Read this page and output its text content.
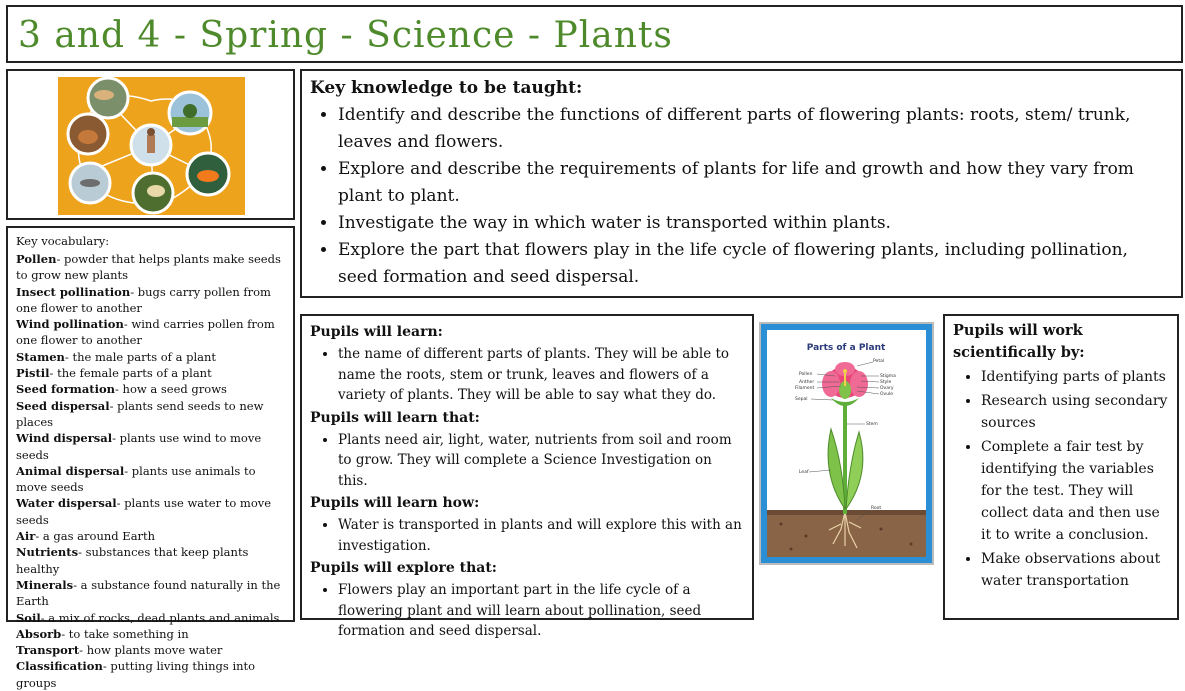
3 and 4 - Spring - Science - Plants
Key vocabulary:
Pollen- powder that helps plants make seeds to grow new plants
Insect pollination- bugs carry pollen from one flower to another
Wind pollination- wind carries pollen from one flower to another
Stamen- the male parts of a plant
Pistil- the female parts of a plant
Seed formation- how a seed grows
Seed dispersal- plants send seeds to new places
Wind dispersal- plants use wind to move seeds
Animal dispersal- plants use animals to move seeds
Water dispersal- plants use water to move seeds
Air- a gas around Earth
Nutrients- substances that keep plants healthy
Minerals- a substance found naturally in the Earth
Soil- a mix of rocks, dead plants and animals
Absorb- to take something in
Transport- how plants move water
Classification- putting living things into groups
Key knowledge to be taught:
• Identify and describe the functions of different parts of flowering plants: roots, stem/ trunk, leaves and flowers.
• Explore and describe the requirements of plants for life and growth and how they vary from plant to plant.
• Investigate the way in which water is transported within plants.
• Explore the part that flowers play in the life cycle of flowering plants, including pollination, seed formation and seed dispersal.
Pupils will learn:
• the name of different parts of plants. They will be able to name the roots, stem or trunk, leaves and flowers of a variety of plants. They will be able to say what they do.
Pupils will learn that:
• Plants need air, light, water, nutrients from soil and room to grow. They will complete a Science Investigation on this.
Pupils will learn how:
• Water is transported in plants and will explore this with an investigation.
Pupils will explore that:
• Flowers play an important part in the life cycle of a flowering plant and will learn about pollination, seed formation and seed dispersal.
Parts of a Plant
Petal
Pollen	Stigma
Anther	Style
Filament	Ovary
Ovule
Sepal
Stem
Leaf
Root
Pupils will work scientifically by:
• Identifying parts of plants
• Research using secondary sources
• Complete a fair test by identifying the variables for the test. They will collect data and then use it to write a conclusion.
• Make observations about water transportation
